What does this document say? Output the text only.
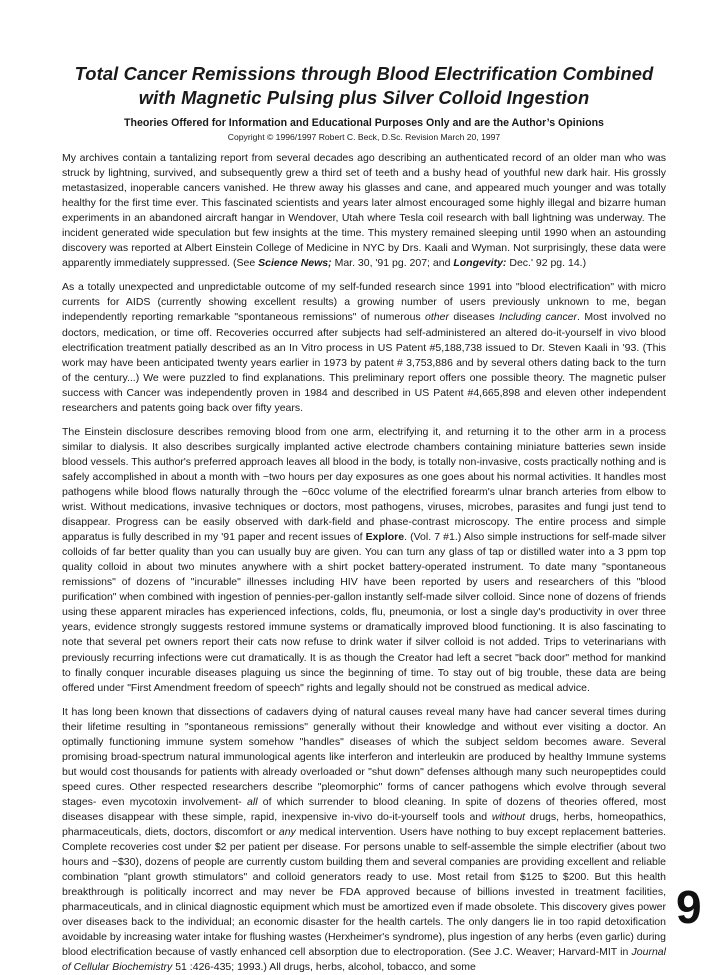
Total Cancer Remissions through Blood Electrification Combined
with Magnetic Pulsing plus Silver Colloid Ingestion
Theories Offered for Information and Educational Purposes Only and are the Author’s Opinions
Copyright © 1996/1997 Robert C. Beck, D.Sc. Revision March 20, 1997

My archives contain a tantalizing report from several decades ago describing an authenticated record of an older man who was struck by lightning, survived, and subsequently grew a third set of teeth and a bushy head of youthful new dark hair. His grossly metastasized, inoperable cancers vanished. He threw away his glasses and cane, and appeared much younger and was totally healthy for the first time ever. This fascinated scientists and years later almost encouraged some highly illegal and bizarre human experiments in an abandoned aircraft hangar in Wendover, Utah where Tesla coil research with ball lightning was underway. The incident generated wide speculation but few insights at the time. This mystery remained sleeping until 1990 when an astounding discovery was reported at Albert Einstein College of Medicine in NYC by Drs. Kaali and Wyman. Not surprisingly, these data were apparently immediately suppressed. (See Science News; Mar. 30, '91 pg. 207; and Longevity: Dec.' 92 pg. 14.)

As a totally unexpected and unpredictable outcome of my self-funded research since 1991 into "blood electrification" with micro currents for AIDS (currently showing excellent results) a growing number of users previously unknown to me, began independently reporting remarkable "spontaneous remissions" of numerous other diseases Including cancer. Most involved no doctors, medication, or time off. Recoveries occurred after subjects had self-administered an altered do-it-yourself in vivo blood electrification treatment patially described as an In Vitro process in US Patent #5,188,738 issued to Dr. Steven Kaali in '93. (This work may have been anticipated twenty years earlier in 1973 by patent # 3,753,886 and by several others dating back to the turn of the century...) We were puzzled to find explanations. This preliminary report offers one possible theory. The magnetic pulser success with Cancer was independently proven in 1984 and described in US Patent #4,665,898 and eleven other independent researchers and patents going back over fifty years.

The Einstein disclosure describes removing blood from one arm, electrifying it, and returning it to the other arm in a process similar to dialysis. It also describes surgically implanted active electrode chambers containing miniature batteries sewn inside blood vessels. This author's preferred approach leaves all blood in the body, is totally non-invasive, costs practically nothing and is safely accomplished in about a month with ~two hours per day exposures as one goes about his normal activities. It handles most pathogens while blood flows naturally through the ~60cc volume of the electrified forearm's ulnar branch arteries from elbow to wrist. Without medications, invasive techniques or doctors, most pathogens, viruses, microbes, parasites and fungi just tend to disappear. Progress can be easily observed with dark-field and phase-contrast microscopy. The entire process and simple apparatus is fully described in my '91 paper and recent issues of Explore. (Vol. 7 #1.) Also simple instructions for self-made silver colloids of far better quality than you can usually buy are given. You can turn any glass of tap or distilled water into a 3 ppm top quality colloid in about two minutes anywhere with a shirt pocket battery-operated instrument. To date many "spontaneous remissions" of dozens of "incurable" illnesses including HIV have been reported by users and researchers of this "blood purification" when combined with ingestion of pennies-per-gallon instantly self-made silver colloid. Since none of dozens of friends using these apparent miracles has experienced infections, colds, flu, pneumonia, or lost a single day's productivity in over three years, evidence strongly suggests restored immune systems or dramatically improved blood functioning. It is also fascinating to note that several pet owners report their cats now refuse to drink water if silver colloid is not added. Trips to veterinarians with previously recurring infections were cut dramatically. It is as though the Creator had left a secret "back door" method for mankind to finally conquer incurable diseases plaguing us since the beginning of time. To stay out of big trouble, these data are being offered under "First Amendment freedom of speech" rights and legally should not be construed as medical advice.

It has long been known that dissections of cadavers dying of natural causes reveal many have had cancer several times during their lifetime resulting in "spontaneous remissions" generally without their knowledge and without ever visiting a doctor. An optimally functioning immune system somehow "handles" diseases of which the subject seldom becomes aware. Several promising broad-spectrum natural immunological agents like interferon and interleukin are produced by healthy Immune systems but would cost thousands for patients with already overloaded or "shut down" defenses although many such neuropeptides could speed cures. Other respected researchers describe "pleomorphic" forms of cancer pathogens which evolve through several stages- even mycotoxin involvement- all of which surrender to blood cleaning. In spite of dozens of theories offered, most diseases disappear with these simple, rapid, inexpensive in-vivo do-it-yourself tools and without drugs, herbs, homeopathics, pharmaceuticals, diets, doctors, discomfort or any medical intervention. Users have nothing to buy except replacement batteries. Complete recoveries cost under $2 per patient per disease. For persons unable to self-assemble the simple electrifier (about two hours and ~$30), dozens of people are currently custom building them and several companies are providing excellent and reliable combination "plant growth stimulators" and colloid generators ready to use. Most retail from $125 to $200. But this health breakthrough is politically incorrect and may never be FDA approved because of billions invested in treatment facilities, pharmaceuticals, and in clinical diagnostic equipment which must be amortized even if made obsolete. This discovery gives power over diseases back to the individual; an economic disaster for the health cartels. The only dangers lie in too rapid detoxification avoidable by increasing water intake for flushing wastes (Herxheimer's syndrome), plus ingestion of any herbs (even garlic) during blood electrification because of vastly enhanced cell absorption due to electroporation. (See J.C. Weaver; Harvard-MIT in Journal of Cellular Biochemistry 51 :426-435; 1993.) All drugs, herbs, alcohol, tobacco, and some

9
